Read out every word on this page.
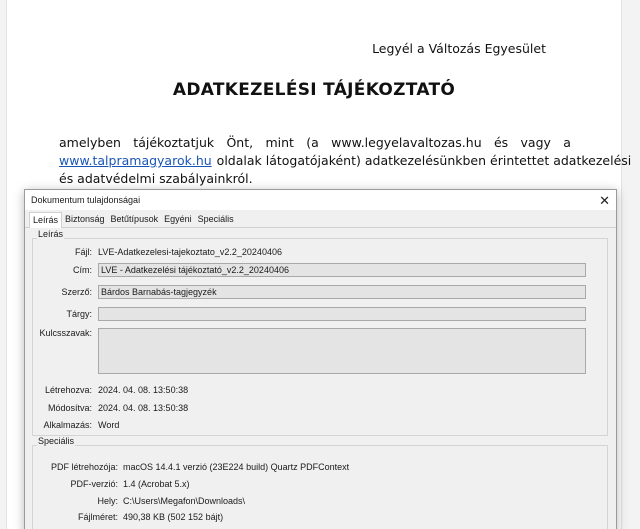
Legyél a Változás Egyesület
ADATKEZELÉSI TÁJÉKOZTATÓ
amelyben tájékoztatjuk Önt, mint (a www.legyelavaltozas.hu és vagy a
www.talpramagyarok.hu oldalak látogatójaként) adatkezelésünkben érintettet adatkezelési
és adatvédelmi szabályainkról.
Dokumentum tulajdonságai	✕
Leírás Biztonság Betűtípusok Egyéni Speciális
Leírás
Fájl: LVE-Adatkezelesi-tajekoztato_v2.2_20240406
Cím:	LVE - Adatkezelési tájékoztató_v2.2_20240406
Szerző:	Bárdos Barnabás-tagjegyzék
Tárgy:
Kulcsszavak:
Létrehozva: 2024. 04. 08. 13:50:38
Módosítva: 2024. 04. 08. 13:50:38
Alkalmazás: Word
Speciális
PDF létrehozója: macOS 14.4.1 verzió (23E224 build) Quartz PDFContext
PDF-verzió: 1.4 (Acrobat 5.x)
Hely: C:\Users\Megafon\Downloads\
Fájlméret: 490,38 KB (502 152 bájt)
